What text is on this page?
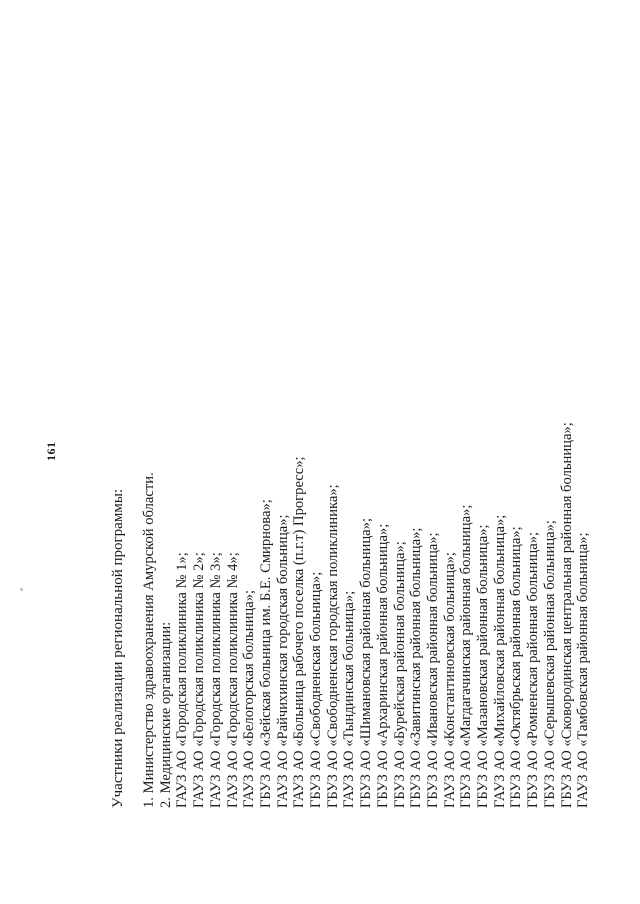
161
Участники реализации региональной программы: 1. Министерство здравоохранения Амурской области. 2. Медицинские организации: ГАУЗ АО «Городская поликлиника № 1»; ГАУЗ АО «Городская поликлиника № 2»; ГАУЗ АО «Городская поликлиника № 3»; ГАУЗ АО «Городская поликлиника № 4»; ГАУЗ АО «Белогорская больница»; ГБУЗ АО «Зейская больница им. Б.Е. Смирнова»; ГАУЗ АО «Райчихинская городская больница»; ГАУЗ АО «Больница рабочего поселка (п.г.т) Прогресс»; ГБУЗ АО «Свободненская больница»; ГБУЗ АО «Свободненская городская поликлиника»; ГАУЗ АО «Тындинская больница»; ГБУЗ АО «Шимановская районная больница»; ГБУЗ АО «Архаринская районная больница»; ГБУЗ АО «Бурейская районная больница»; ГБУЗ АО «Завитинская районная больница»; ГБУЗ АО «Ивановская районная больница»; ГАУЗ АО «Константиновская больница»; ГБУЗ АО «Магдагачинская районная больница»; ГБУЗ АО «Мазановская районная больница»; ГАУЗ АО «Михайловская районная больница»; ГБУЗ АО «Октябрьская районная больница»; ГБУЗ АО «Ромненская районная больница»; ГБУЗ АО «Серышевская районная больница»; ГБУЗ АО «Сковородинская центральная районная больница»; ГАУЗ АО «Тамбовская районная больница»;
